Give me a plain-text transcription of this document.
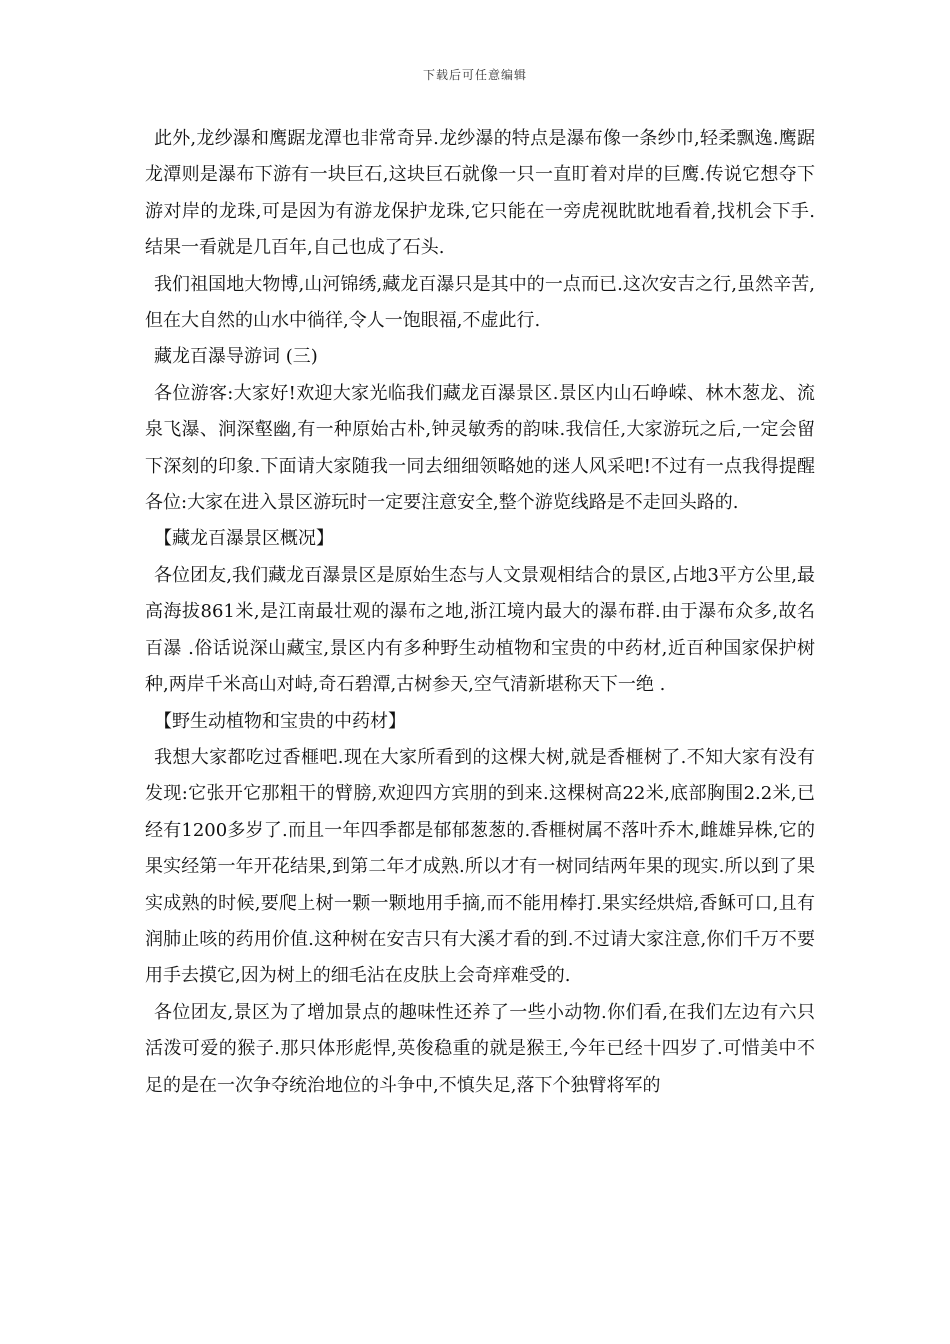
下载后可任意编辑

此外,龙纱瀑和鹰踞龙潭也非常奇异.龙纱瀑的特点是瀑布像一条纱巾,轻柔飘逸.鹰踞龙潭则是瀑布下游有一块巨石,这块巨石就像一只一直盯着对岸的巨鹰.传说它想夺下游对岸的龙珠,可是因为有游龙保护龙珠,它只能在一旁虎视眈眈地看着,找机会下手.结果一看就是几百年,自己也成了石头.

我们祖国地大物博,山河锦绣,藏龙百瀑只是其中的一点而已.这次安吉之行,虽然辛苦,但在大自然的山水中徜徉,令人一饱眼福,不虚此行.

藏龙百瀑导游词 (三)

各位游客:大家好!欢迎大家光临我们藏龙百瀑景区.景区内山石峥嵘、林木葱龙、流泉飞瀑、涧深壑幽,有一种原始古朴,钟灵敏秀的韵味.我信任,大家游玩之后,一定会留下深刻的印象.下面请大家随我一同去细细领略她的迷人风采吧!不过有一点我得提醒各位:大家在进入景区游玩时一定要注意安全,整个游览线路是不走回头路的.

【藏龙百瀑景区概况】

各位团友,我们藏龙百瀑景区是原始生态与人文景观相结合的景区,占地3平方公里,最高海拔861米,是江南最壮观的瀑布之地,浙江境内最大的瀑布群.由于瀑布众多,故名 百瀑 .俗话说深山藏宝,景区内有多种野生动植物和宝贵的中药材,近百种国家保护树种,两岸千米高山对峙,奇石碧潭,古树参天,空气清新堪称天下一绝 .

【野生动植物和宝贵的中药材】

我想大家都吃过香榧吧.现在大家所看到的这棵大树,就是香榧树了.不知大家有没有发现:它张开它那粗干的臂膀,欢迎四方宾朋的到来.这棵树高22米,底部胸围2.2米,已经有1200多岁了.而且一年四季都是郁郁葱葱的.香榧树属不落叶乔木,雌雄异株,它的果实经第一年开花结果,到第二年才成熟.所以才有一树同结两年果的现实.所以到了果实成熟的时候,要爬上树一颗一颗地用手摘,而不能用棒打.果实经烘焙,香稣可口,且有润肺止咳的药用价值.这种树在安吉只有大溪才看的到.不过请大家注意,你们千万不要用手去摸它,因为树上的细毛沾在皮肤上会奇痒难受的.

各位团友,景区为了增加景点的趣味性还养了一些小动物.你们看,在我们左边有六只活泼可爱的猴子.那只体形彪悍,英俊稳重的就是猴王,今年已经十四岁了.可惜美中不足的是在一次争夺统治地位的斗争中,不慎失足,落下个独臂将军的
